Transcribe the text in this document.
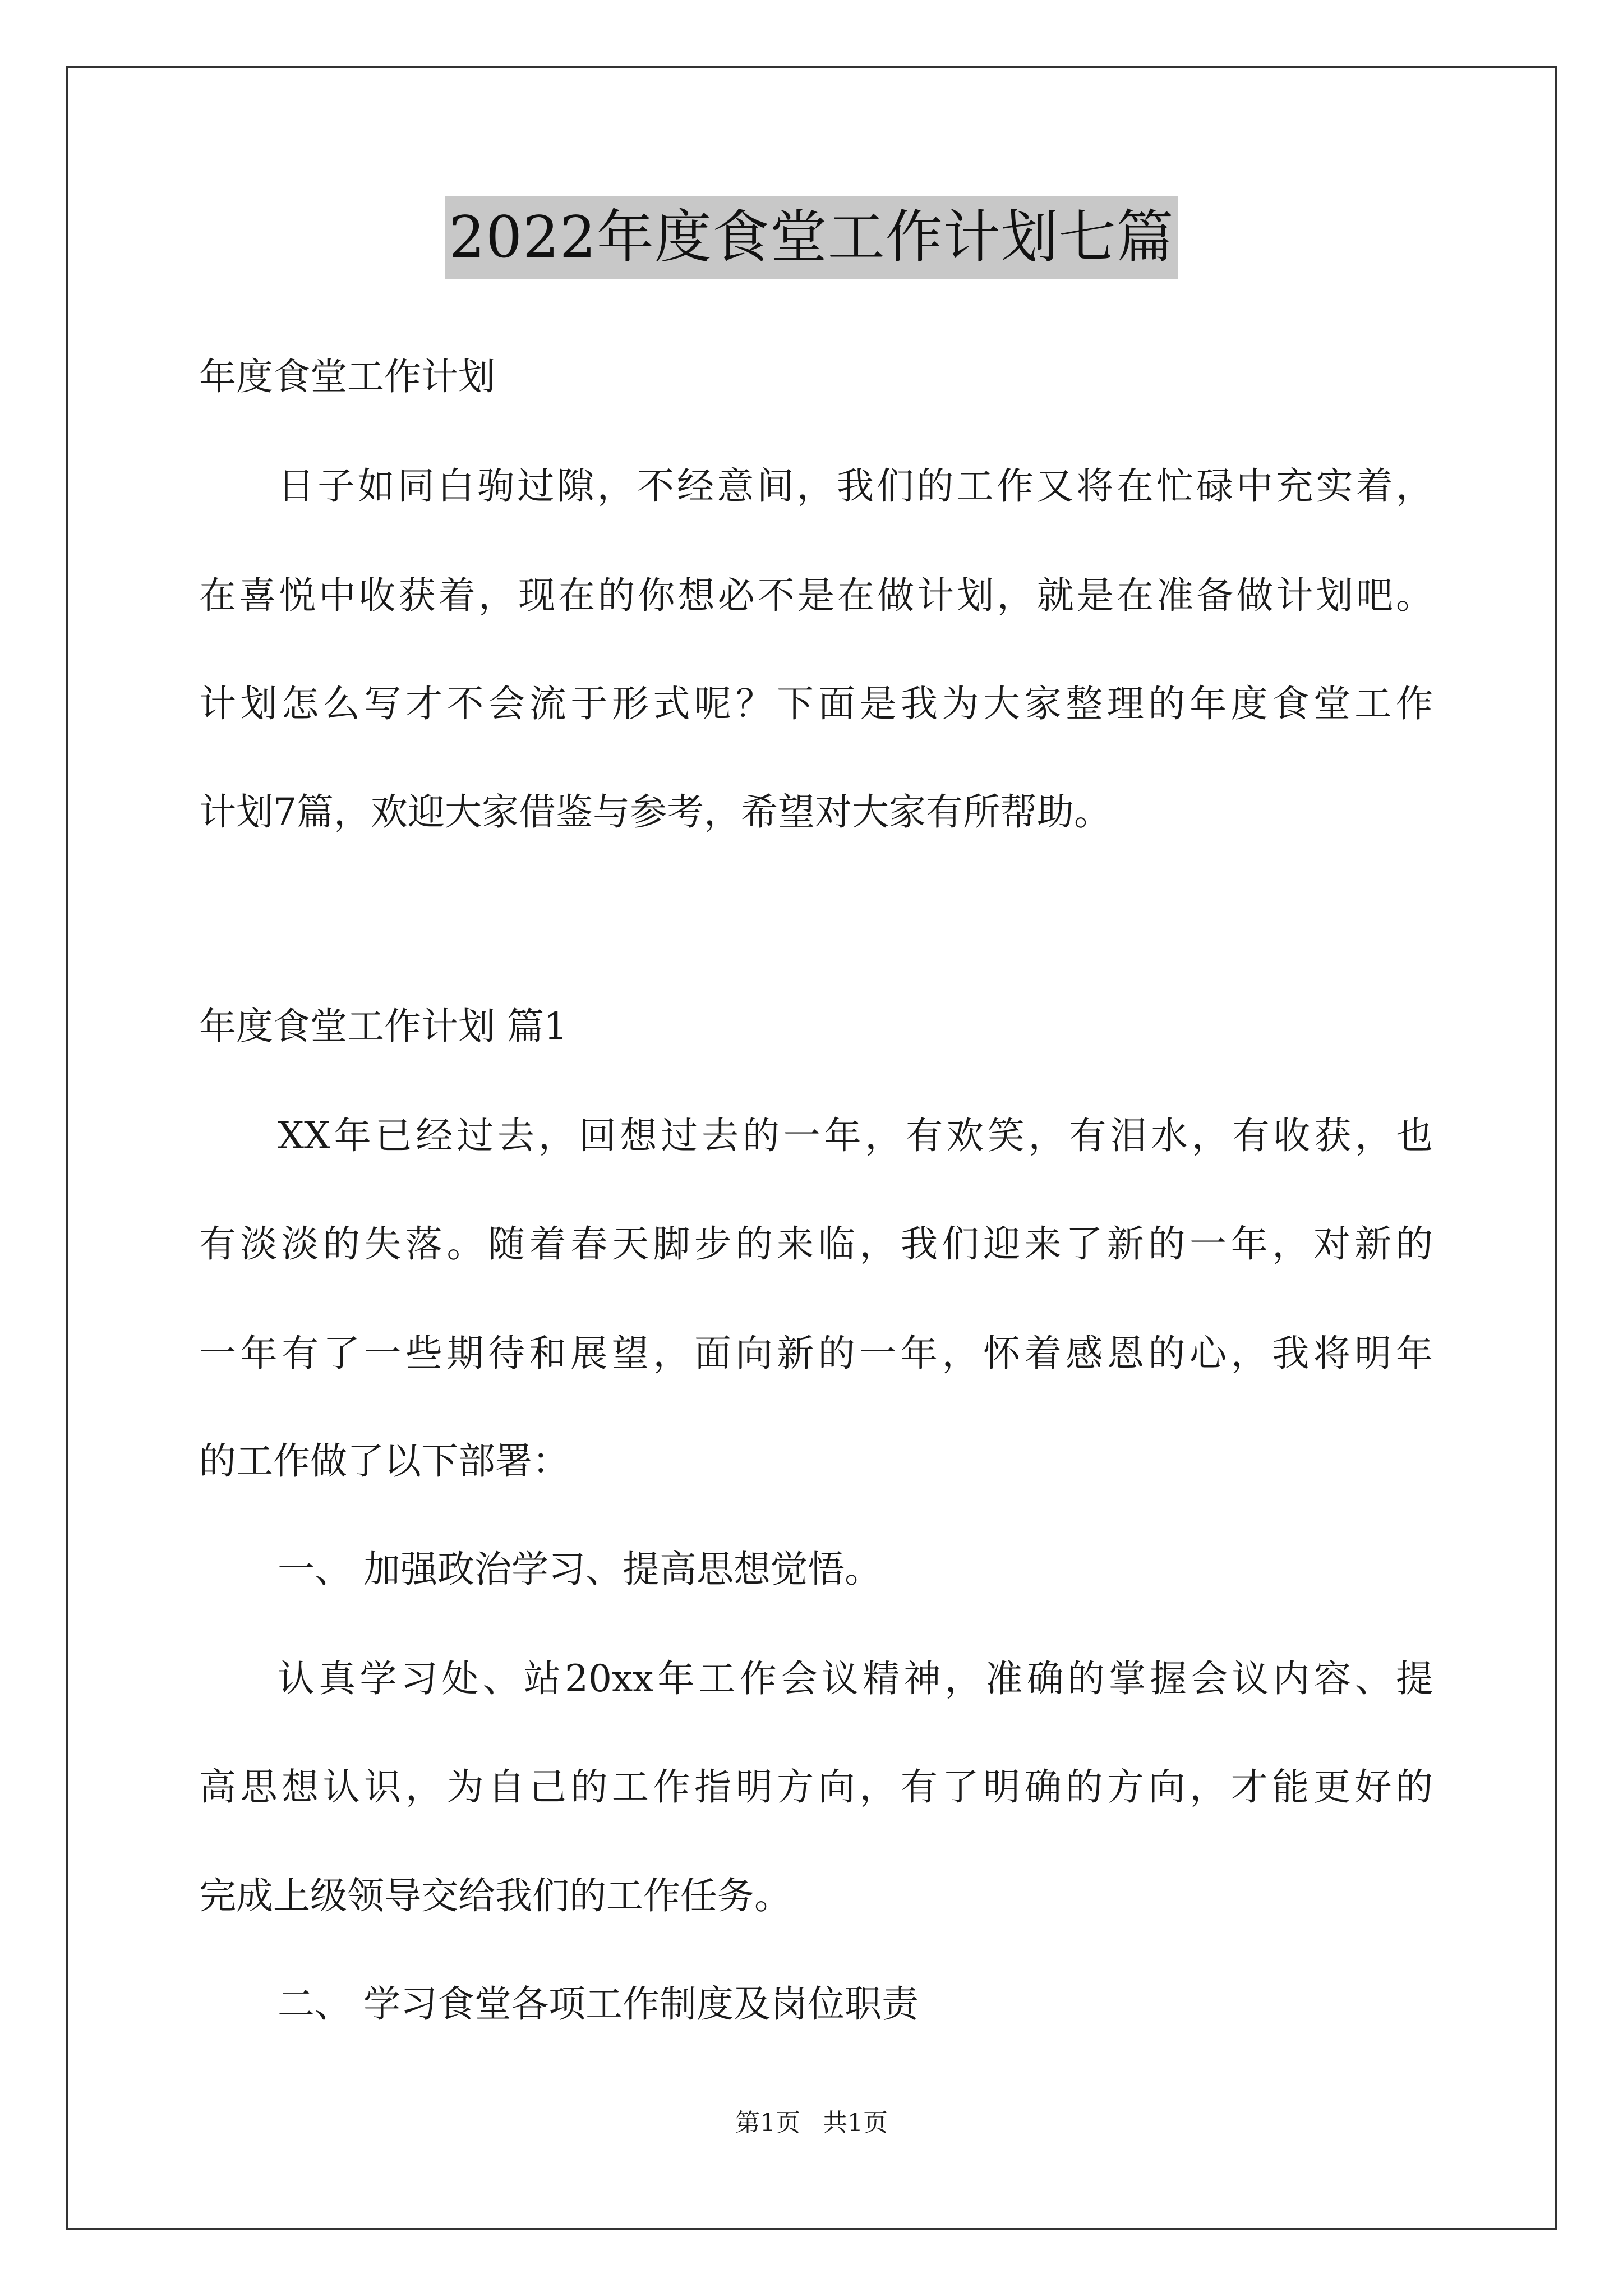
2022年度食堂工作计划七篇
年度食堂工作计划
日子如同白驹过隙，不经意间，我们的工作又将在忙碌中充实着，
在喜悦中收获着，现在的你想必不是在做计划，就是在准备做计划吧。
计划怎么写才不会流于形式呢？下面是我为大家整理的年度食堂工作
计划7篇，欢迎大家借鉴与参考，希望对大家有所帮助。
年度食堂工作计划 篇1
XX年已经过去，回想过去的一年，有欢笑，有泪水，有收获，也
有淡淡的失落。随着春天脚步的来临，我们迎来了新的一年，对新的
一年有了一些期待和展望，面向新的一年，怀着感恩的心，我将明年
的工作做了以下部署：
一、 加强政治学习、提高思想觉悟。
认真学习处、站20xx年工作会议精神，准确的掌握会议内容、提
高思想认识，为自己的工作指明方向，有了明确的方向，才能更好的
完成上级领导交给我们的工作任务。
二、 学习食堂各项工作制度及岗位职责
第1页 共1页
